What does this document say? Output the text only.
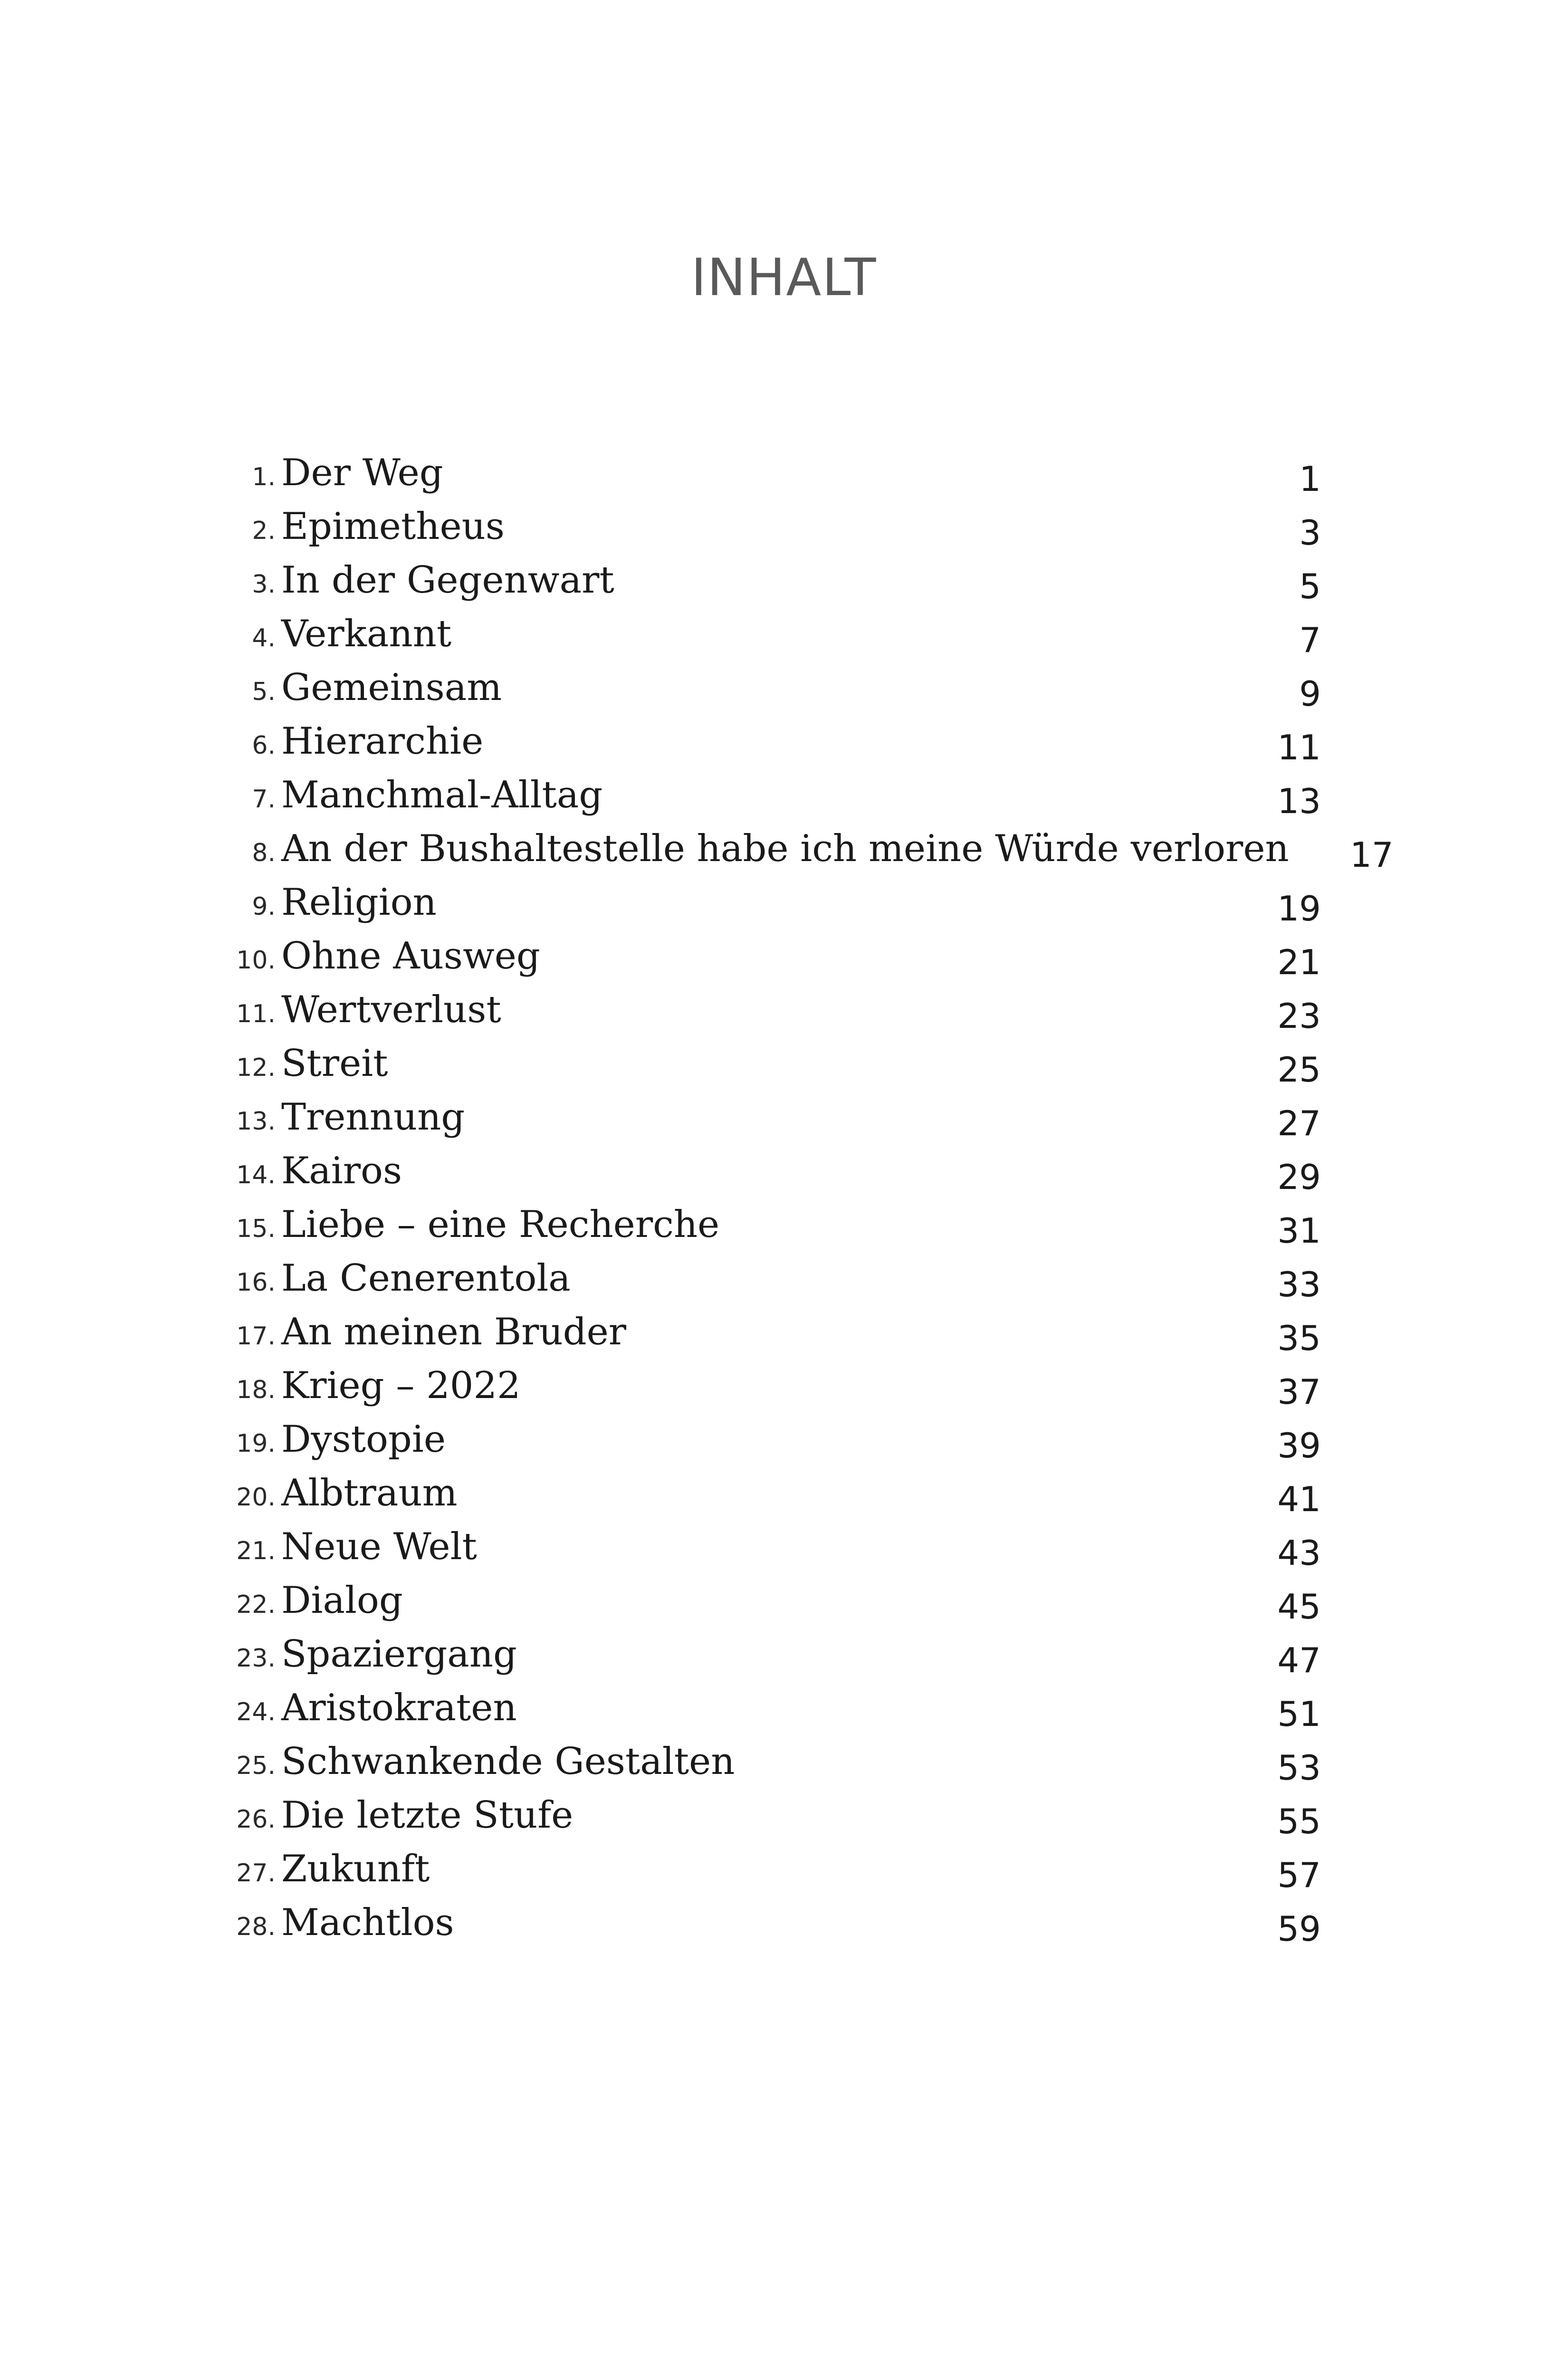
INHALT
1. Der Weg	1
2. Epimetheus	3
3. In der Gegenwart	5
4. Verkannt	7
5. Gemeinsam	9
6. Hierarchie	11
7. Manchmal-Alltag	13
8. An der Bushaltestelle habe ich meine Würde verloren	17
9. Religion	19
10. Ohne Ausweg	21
11. Wertverlust	23
12. Streit	25
13. Trennung	27
14. Kairos	29
15. Liebe – eine Recherche	31
16. La Cenerentola	33
17. An meinen Bruder	35
18. Krieg – 2022	37
19. Dystopie	39
20. Albtraum	41
21. Neue Welt	43
22. Dialog	45
23. Spaziergang	47
24. Aristokraten	51
25. Schwankende Gestalten	53
26. Die letzte Stufe	55
27. Zukunft	57
28. Machtlos	59
